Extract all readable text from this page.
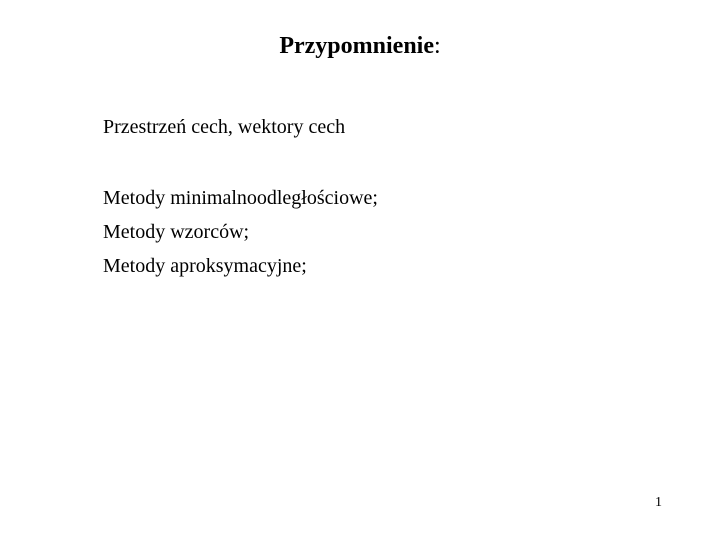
Przypomnienie:
Przestrzeń cech, wektory cech
Metody minimalnoodległościowe;
Metody wzorców;
Metody aproksymacyjne;
1
